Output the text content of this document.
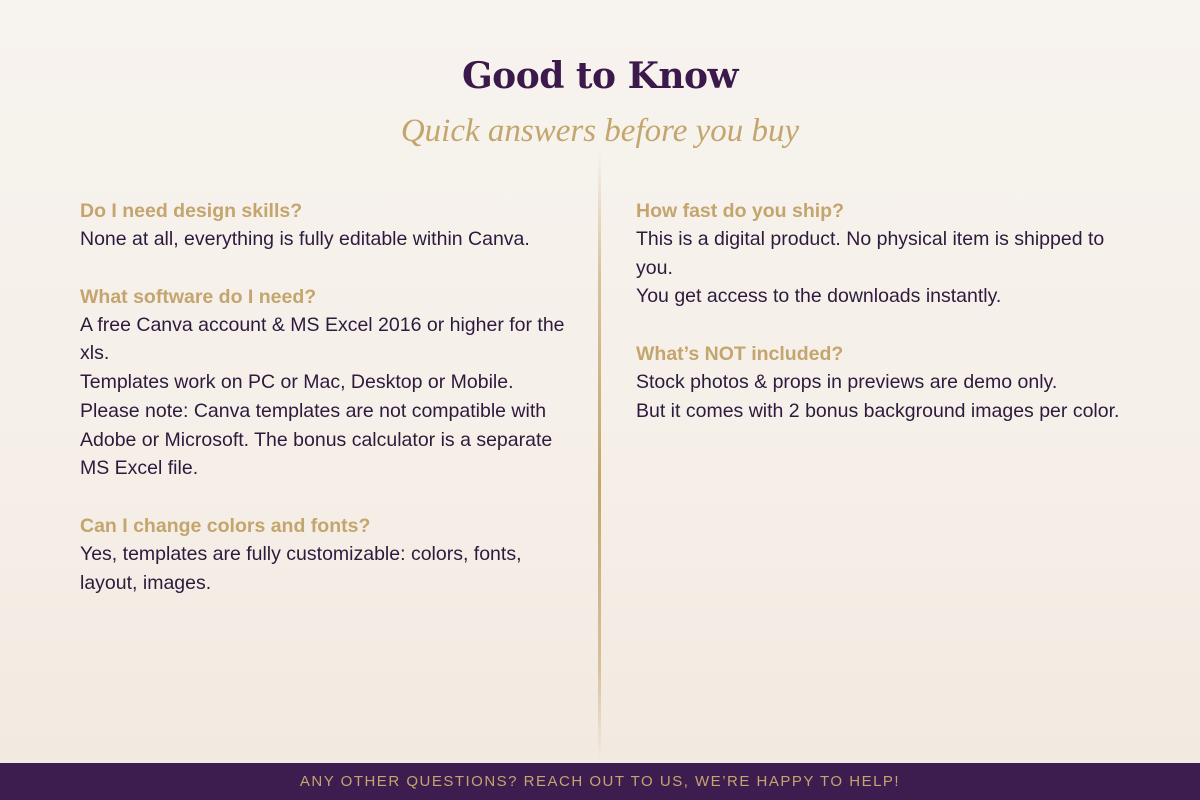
Good to Know
Quick answers before you buy
Do I need design skills?

None at all, everything is fully editable within Canva.

What software do I need?

A free Canva account & MS Excel 2016 or higher for the xls.

Templates work on PC or Mac, Desktop or Mobile.

Please note: Canva templates are not compatible with Adobe or Microsoft. The bonus calculator is a separate MS Excel file.

Can I change colors and fonts?

Yes, templates are fully customizable: colors, fonts, layout, images.

How fast do you ship?

This is a digital product. No physical item is shipped to you.

You get access to the downloads instantly.

What’s NOT included?

Stock photos & props in previews are demo only.

But it comes with 2 bonus background images per color.

ANY OTHER QUESTIONS? REACH OUT TO US, WE’RE HAPPY TO HELP!
